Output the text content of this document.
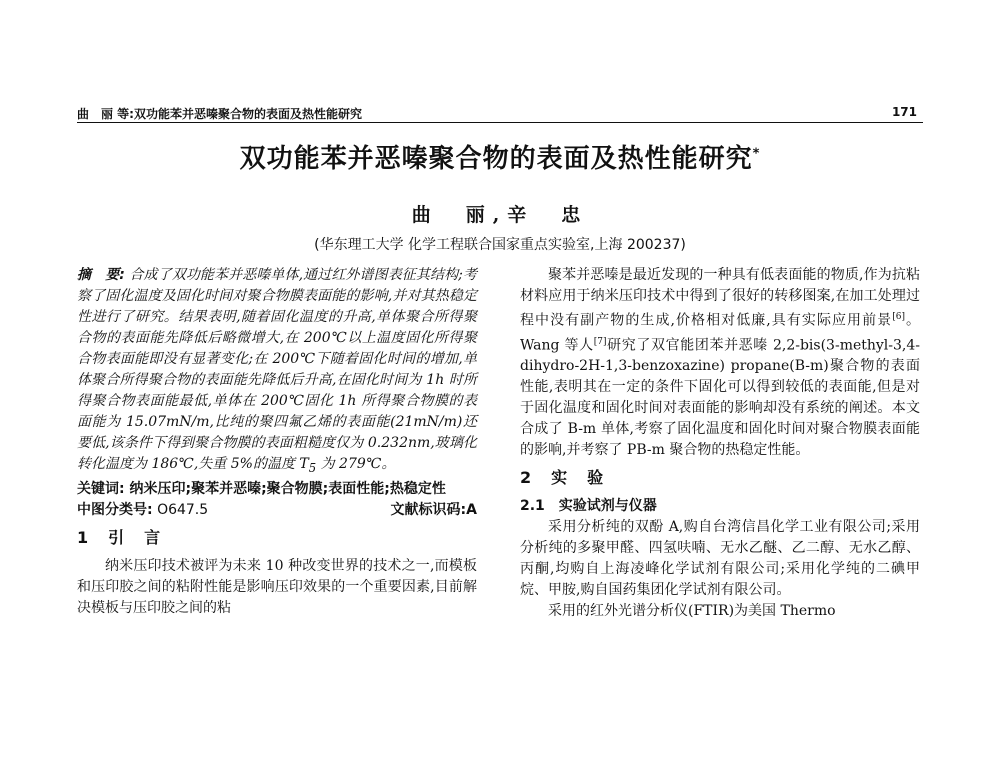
曲　丽 等:双功能苯并恶嗪聚合物的表面及热性能研究	171
双功能苯并恶嗪聚合物的表面及热性能研究*
曲　丽,辛　忠
(华东理工大学 化学工程联合国家重点实验室,上海 200237)

摘　要: 合成了双功能苯并恶嗪单体,通过红外谱图表征其结构;考察了固化温度及固化时间对聚合物膜表面能的影响,并对其热稳定性进行了研究。结果表明,随着固化温度的升高,单体聚合所得聚合物的表面能先降低后略微增大,在 200℃以上温度固化所得聚合物表面能即没有显著变化;在 200℃下随着固化时间的增加,单体聚合所得聚合物的表面能先降低后升高,在固化时间为 1h 时所得聚合物表面能最低,单体在 200℃固化 1h 所得聚合物膜的表面能为 15.07mN/m,比纯的聚四氟乙烯的表面能(21mN/m)还要低,该条件下得到聚合物膜的表面粗糙度仅为 0.232nm,玻璃化转化温度为 186℃,失重 5%的温度 $T_5$ 为 279℃。

关键词: 纳米压印;聚苯并恶嗪;聚合物膜;表面性能;热稳定性

中图分类号: O647.5	文献标识码:A
1　引　言

纳米压印技术被评为未来 10 种改变世界的技术之一,而模板和压印胶之间的粘附性能是影响压印效果的一个重要因素,目前解决模板与压印胶之间的粘

聚苯并恶嗪是最近发现的一种具有低表面能的物质,作为抗粘材料应用于纳米压印技术中得到了很好的转移图案,在加工处理过程中没有副产物的生成,价格相对低廉,具有实际应用前景[6]。Wang 等人[7]研究了双官能团苯并恶嗪 2,2-bis(3-methyl-3,4-dihydro-2H-1,3-benzoxazine) propane(B-m)聚合物的表面性能,表明其在一定的条件下固化可以得到较低的表面能,但是对于固化温度和固化时间对表面能的影响却没有系统的阐述。本文合成了 B-m 单体,考察了固化温度和固化时间对聚合物膜表面能的影响,并考察了 PB-m 聚合物的热稳定性能。

2　实　验
2.1　实验试剂与仪器

采用分析纯的双酚 A,购自台湾信昌化学工业有限公司;采用分析纯的多聚甲醛、四氢呋喃、无水乙醚、乙二醇、无水乙醇、丙酮,均购自上海凌峰化学试剂有限公司;采用化学纯的二碘甲烷、甲胺,购自国药集团化学试剂有限公司。

采用的红外光谱分析仪(FTIR)为美国 Thermo
